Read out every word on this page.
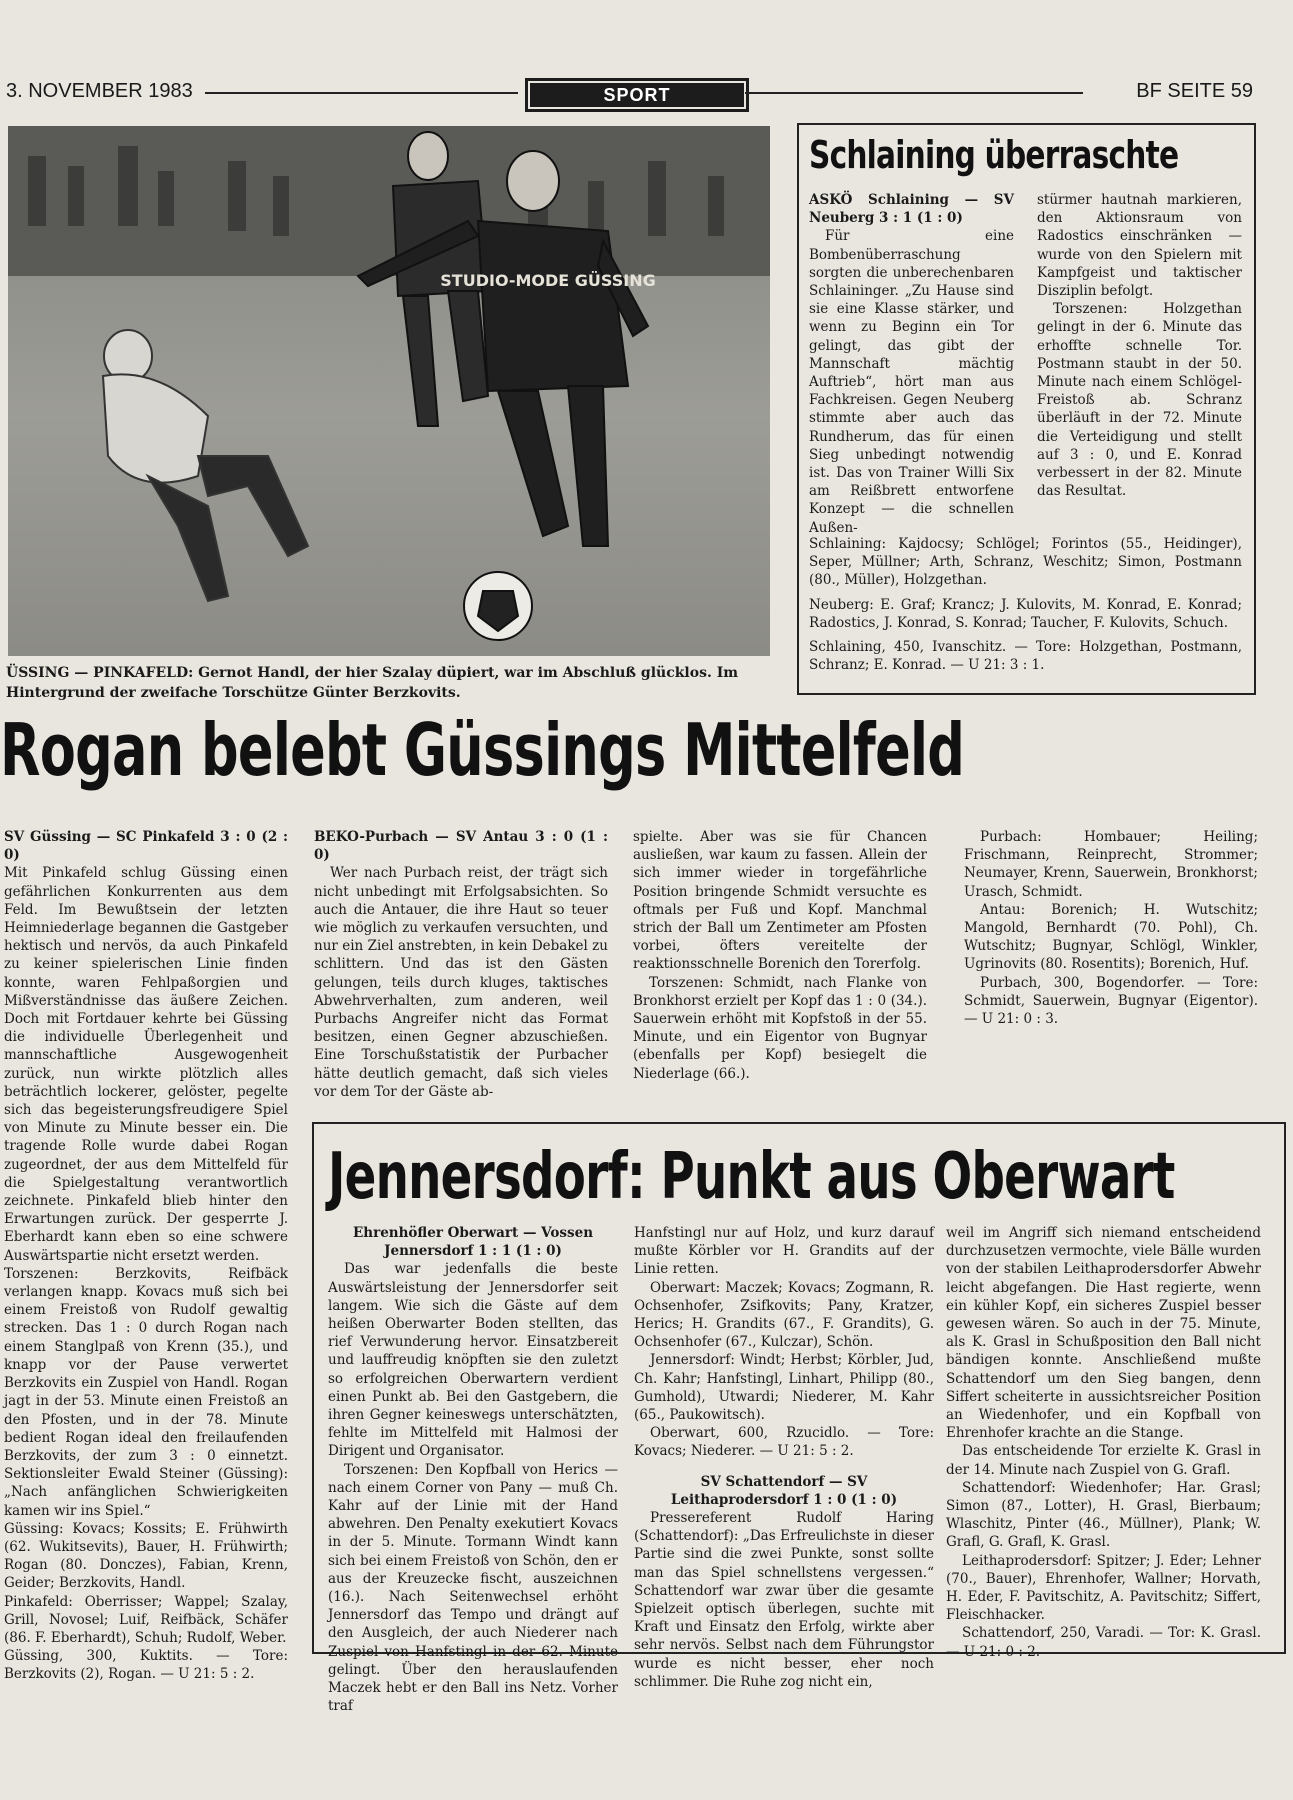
3. NOVEMBER 1983	SPORT	BF SEITE 59
STUDIO-MODE GÜSSING
ÜSSING — PINKAFELD: Gernot Handl, der hier Szalay düpiert, war im Abschluß glücklos. Im Hintergrund der zweifache Torschütze Günter Berzkovits.
Schlaining überraschte

ASKÖ Schlaining — SV Neuberg 3 : 1 (1 : 0)

Für eine Bombenüberraschung sorgten die unberechenbaren Schlaininger. „Zu Hause sind sie eine Klasse stärker, und wenn zu Beginn ein Tor gelingt, das gibt der Mannschaft mächtig Auftrieb“, hört man aus Fachkreisen. Gegen Neuberg stimmte aber auch das Rundherum, das für einen Sieg unbedingt notwendig ist. Das von Trainer Willi Six am Reißbrett entworfene Konzept — die schnellen Außen-

stürmer hautnah markieren, den Aktionsraum von Radostics einschränken — wurde von den Spielern mit Kampfgeist und taktischer Disziplin befolgt.

Torszenen: Holzgethan gelingt in der 6. Minute das erhoffte schnelle Tor. Postmann staubt in der 50. Minute nach einem Schlögel-Freistoß ab. Schranz überläuft in der 72. Minute die Verteidigung und stellt auf 3 : 0, und E. Konrad verbessert in der 82. Minute das Resultat.

Schlaining: Kajdocsy; Schlögel; Forintos (55., Heidinger), Seper, Müllner; Arth, Schranz, Weschitz; Simon, Postmann (80., Müller), Holzgethan.

Neuberg: E. Graf; Krancz; J. Kulovits, M. Konrad, E. Konrad; Radostics, J. Konrad, S. Konrad; Taucher, F. Kulovits, Schuch.

Schlaining, 450, Ivanschitz. — Tore: Holzgethan, Postmann, Schranz; E. Konrad. — U 21: 3 : 1.

Rogan belebt Güssings Mittelfeld

SV Güssing — SC Pinkafeld 3 : 0 (2 : 0)

Mit Pinkafeld schlug Güssing einen gefährlichen Konkurrenten aus dem Feld. Im Bewußtsein der letzten Heimniederlage begannen die Gastgeber hektisch und nervös, da auch Pinkafeld zu keiner spielerischen Linie finden konnte, waren Fehlpaßorgien und Mißverständnisse das äußere Zeichen. Doch mit Fortdauer kehrte bei Güssing die individuelle Überlegenheit und mannschaftliche Ausgewogenheit zurück, nun wirkte plötzlich alles beträchtlich lockerer, gelöster, pegelte sich das begeisterungsfreudigere Spiel von Minute zu Minute besser ein. Die tragende Rolle wurde dabei Rogan zugeordnet, der aus dem Mittelfeld für die Spielgestaltung verantwortlich zeichnete. Pinkafeld blieb hinter den Erwartungen zurück. Der gesperrte J. Eberhardt kann eben so eine schwere Auswärtspartie nicht ersetzt werden.

Torszenen: Berzkovits, Reifbäck verlangen knapp. Kovacs muß sich bei einem Freistoß von Rudolf gewaltig strecken. Das 1 : 0 durch Rogan nach einem Stanglpaß von Krenn (35.), und knapp vor der Pause verwertet Berzkovits ein Zuspiel von Handl. Rogan jagt in der 53. Minute einen Freistoß an den Pfosten, und in der 78. Minute bedient Rogan ideal den freilaufenden Berzkovits, der zum 3 : 0 einnetzt. Sektionsleiter Ewald Steiner (Güssing): „Nach anfänglichen Schwierigkeiten kamen wir ins Spiel.“

Güssing: Kovacs; Kossits; E. Frühwirth (62. Wukitsevits), Bauer, H. Frühwirth; Rogan (80. Donczes), Fabian, Krenn, Geider; Berzkovits, Handl.

Pinkafeld: Oberrisser; Wappel; Szalay, Grill, Novosel; Luif, Reifbäck, Schäfer (86. F. Eberhardt), Schuh; Rudolf, Weber.

Güssing, 300, Kuktits. — Tore: Berzkovits (2), Rogan. — U 21: 5 : 2.

BEKO-Purbach — SV Antau 3 : 0 (1 : 0)

Wer nach Purbach reist, der trägt sich nicht unbedingt mit Erfolgsabsichten. So auch die Antauer, die ihre Haut so teuer wie möglich zu verkaufen versuchten, und nur ein Ziel anstrebten, in kein Debakel zu schlittern. Und das ist den Gästen gelungen, teils durch kluges, taktisches Abwehrverhalten, zum anderen, weil Purbachs Angreifer nicht das Format besitzen, einen Gegner abzuschießen. Eine Torschußstatistik der Purbacher hätte deutlich gemacht, daß sich vieles vor dem Tor der Gäste ab-

spielte. Aber was sie für Chancen ausließen, war kaum zu fassen. Allein der sich immer wieder in torgefährliche Position bringende Schmidt versuchte es oftmals per Fuß und Kopf. Manchmal strich der Ball um Zentimeter am Pfosten vorbei, öfters vereitelte der reaktionsschnelle Borenich den Torerfolg.

Torszenen: Schmidt, nach Flanke von Bronkhorst erzielt per Kopf das 1 : 0 (34.). Sauerwein erhöht mit Kopfstoß in der 55. Minute, und ein Eigentor von Bugnyar (ebenfalls per Kopf) besiegelt die Niederlage (66.).

Purbach: Hombauer; Heiling; Frischmann, Reinprecht, Strommer; Neumayer, Krenn, Sauerwein, Bronkhorst; Urasch, Schmidt.

Antau: Borenich; H. Wutschitz; Mangold, Bernhardt (70. Pohl), Ch. Wutschitz; Bugnyar, Schlögl, Winkler, Ugrinovits (80. Rosentits); Borenich, Huf.

Purbach, 300, Bogendorfer. — Tore: Schmidt, Sauerwein, Bugnyar (Eigentor). — U 21: 0 : 3.

Jennersdorf: Punkt aus Oberwart

Ehrenhöfler Oberwart — Vossen Jennersdorf 1 : 1 (1 : 0)

Das war jedenfalls die beste Auswärtsleistung der Jennersdorfer seit langem. Wie sich die Gäste auf dem heißen Oberwarter Boden stellten, das rief Verwunderung hervor. Einsatzbereit und lauffreudig knöpften sie den zuletzt so erfolgreichen Oberwartern verdient einen Punkt ab. Bei den Gastgebern, die ihren Gegner keineswegs unterschätzten, fehlte im Mittelfeld mit Halmosi der Dirigent und Organisator.

Torszenen: Den Kopfball von Herics — nach einem Corner von Pany — muß Ch. Kahr auf der Linie mit der Hand abwehren. Den Penalty exekutiert Kovacs in der 5. Minute. Tormann Windt kann sich bei einem Freistoß von Schön, den er aus der Kreuzecke fischt, auszeichnen (16.). Nach Seitenwechsel erhöht Jennersdorf das Tempo und drängt auf den Ausgleich, der auch Niederer nach Zuspiel von Hanfstingl in der 62. Minute gelingt. Über den herauslaufenden Maczek hebt er den Ball ins Netz. Vorher traf

Hanfstingl nur auf Holz, und kurz darauf mußte Körbler vor H. Grandits auf der Linie retten.

Oberwart: Maczek; Kovacs; Zogmann, R. Ochsenhofer, Zsifkovits; Pany, Kratzer, Herics; H. Grandits (67., F. Grandits), G. Ochsenhofer (67., Kulczar), Schön.

Jennersdorf: Windt; Herbst; Körbler, Jud, Ch. Kahr; Hanfstingl, Linhart, Philipp (80., Gumhold), Utwardi; Niederer, M. Kahr (65., Paukowitsch).

Oberwart, 600, Rzucidlo. — Tore: Kovacs; Niederer. — U 21: 5 : 2.

SV Schattendorf — SV Leithaprodersdorf 1 : 0 (1 : 0)

Pressereferent Rudolf Haring (Schattendorf): „Das Erfreulichste in dieser Partie sind die zwei Punkte, sonst sollte man das Spiel schnellstens vergessen.“ Schattendorf war zwar über die gesamte Spielzeit optisch überlegen, suchte mit Kraft und Einsatz den Erfolg, wirkte aber sehr nervös. Selbst nach dem Führungstor wurde es nicht besser, eher noch schlimmer. Die Ruhe zog nicht ein,

weil im Angriff sich niemand entscheidend durchzusetzen vermochte, viele Bälle wurden von der stabilen Leithaprodersdorfer Abwehr leicht abgefangen. Die Hast regierte, wenn ein kühler Kopf, ein sicheres Zuspiel besser gewesen wären. So auch in der 75. Minute, als K. Grasl in Schußposition den Ball nicht bändigen konnte. Anschließend mußte Schattendorf um den Sieg bangen, denn Siffert scheiterte in aussichtsreicher Position an Wiedenhofer, und ein Kopfball von Ehrenhofer krachte an die Stange.

Das entscheidende Tor erzielte K. Grasl in der 14. Minute nach Zuspiel von G. Grafl.

Schattendorf: Wiedenhofer; Har. Grasl; Simon (87., Lotter), H. Grasl, Bierbaum; Wlaschitz, Pinter (46., Müllner), Plank; W. Grafl, G. Grafl, K. Grasl.

Leithaprodersdorf: Spitzer; J. Eder; Lehner (70., Bauer), Ehrenhofer, Wallner; Horvath, H. Eder, F. Pavitschitz, A. Pavitschitz; Siffert, Fleischhacker.

Schattendorf, 250, Varadi. — Tor: K. Grasl. — U 21: 0 : 2.
